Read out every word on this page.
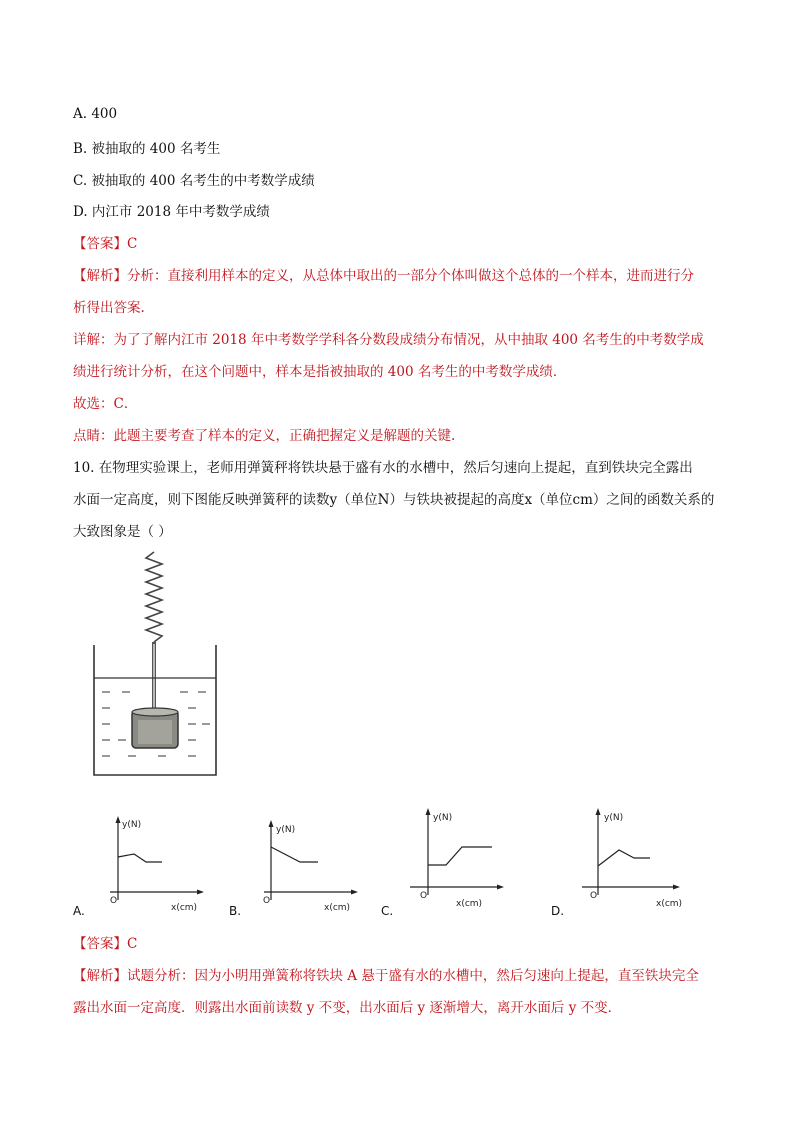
A. 400
B. 被抽取的 400 名考生
C. 被抽取的 400 名考生的中考数学成绩
D. 内江市 2018 年中考数学成绩
【答案】C
【解析】分析：直接利用样本的定义，从总体中取出的一部分个体叫做这个总体的一个样本，进而进行分
析得出答案.
详解：为了了解内江市 2018 年中考数学学科各分数段成绩分布情况，从中抽取 400 名考生的中考数学成
绩进行统计分析，在这个问题中，样本是指被抽取的 400 名考生的中考数学成绩．
故选：C．
点睛：此题主要考查了样本的定义，正确把握定义是解题的关键.
10. 在物理实验课上，老师用弹簧秤将铁块悬于盛有水的水槽中，然后匀速向上提起，直到铁块完全露出
水面一定高度，则下图能反映弹簧秤的读数y（单位N）与铁块被提起的高度x（单位cm）之间的函数关系的
大致图象是（ ）
A.
y(N)
O
x(cm)	B.
y(N)
O
x(cm)	C.
y(N)
O
x(cm)	D.
y(N)
O
x(cm)
【答案】C
【解析】试题分析：因为小明用弹簧称将铁块 A 悬于盛有水的水槽中，然后匀速向上提起，直至铁块完全
露出水面一定高度．则露出水面前读数 y 不变，出水面后 y 逐渐增大，离开水面后 y 不变．
